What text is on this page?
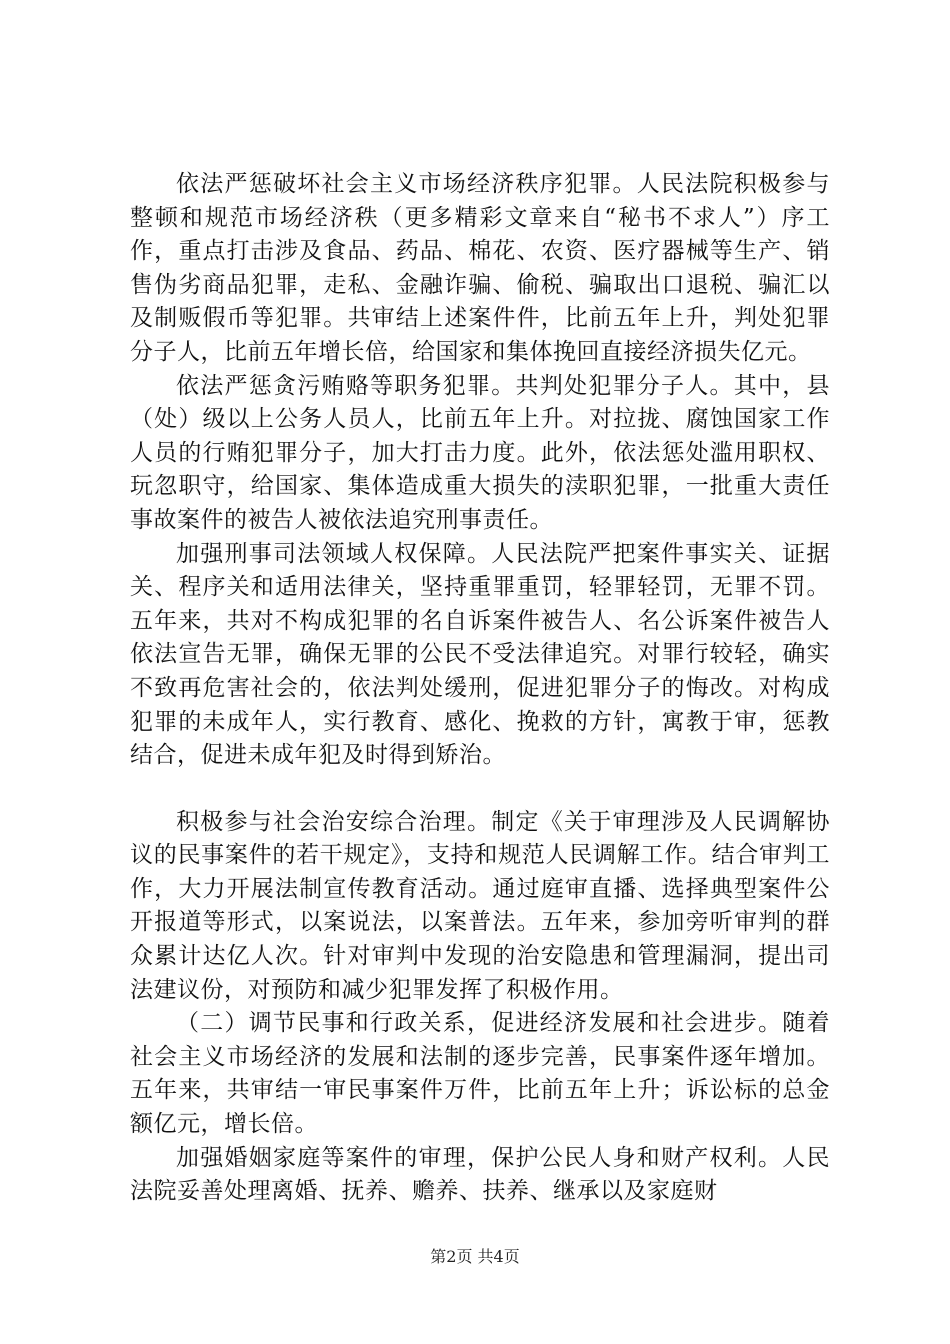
依法严惩破坏社会主义市场经济秩序犯罪。人民法院积极参与整顿和规范市场经济秩（更多精彩文章来自“秘书不求人”）序工作，重点打击涉及食品、药品、棉花、农资、医疗器械等生产、销售伪劣商品犯罪，走私、金融诈骗、偷税、骗取出口退税、骗汇以及制贩假币等犯罪。共审结上述案件件，比前五年上升，判处犯罪分子人，比前五年增长倍，给国家和集体挽回直接经济损失亿元。

依法严惩贪污贿赂等职务犯罪。共判处犯罪分子人。其中，县（处）级以上公务人员人，比前五年上升。对拉拢、腐蚀国家工作人员的行贿犯罪分子，加大打击力度。此外，依法惩处滥用职权、玩忽职守，给国家、集体造成重大损失的渎职犯罪，一批重大责任事故案件的被告人被依法追究刑事责任。

加强刑事司法领域人权保障。人民法院严把案件事实关、证据关、程序关和适用法律关，坚持重罪重罚，轻罪轻罚，无罪不罚。五年来，共对不构成犯罪的名自诉案件被告人、名公诉案件被告人依法宣告无罪，确保无罪的公民不受法律追究。对罪行较轻，确实不致再危害社会的，依法判处缓刑，促进犯罪分子的悔改。对构成犯罪的未成年人，实行教育、感化、挽救的方针，寓教于审，惩教结合，促进未成年犯及时得到矫治。

积极参与社会治安综合治理。制定《关于审理涉及人民调解协议的民事案件的若干规定》，支持和规范人民调解工作。结合审判工作，大力开展法制宣传教育活动。通过庭审直播、选择典型案件公开报道等形式，以案说法，以案普法。五年来，参加旁听审判的群众累计达亿人次。针对审判中发现的治安隐患和管理漏洞，提出司法建议份，对预防和减少犯罪发挥了积极作用。

（二）调节民事和行政关系，促进经济发展和社会进步。随着社会主义市场经济的发展和法制的逐步完善，民事案件逐年增加。五年来，共审结一审民事案件万件，比前五年上升；诉讼标的总金额亿元，增长倍。

加强婚姻家庭等案件的审理，保护公民人身和财产权利。人民法院妥善处理离婚、抚养、赡养、扶养、继承以及家庭财

第2页 共4页
